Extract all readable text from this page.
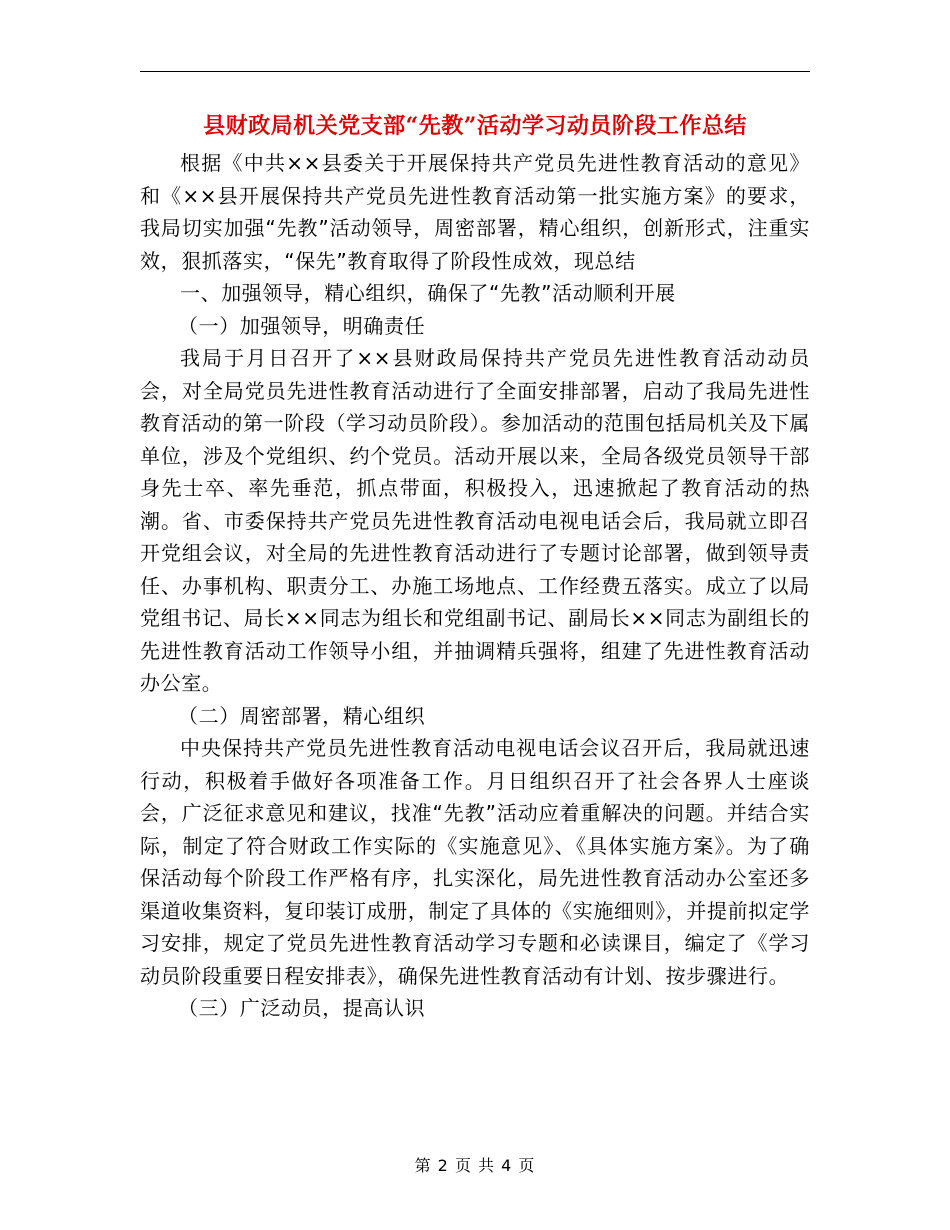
县财政局机关党支部“先教”活动学习动员阶段工作总结

根据《中共××县委关于开展保持共产党员先进性教育活动的意见》和《××县开展保持共产党员先进性教育活动第一批实施方案》的要求，我局切实加强“先教”活动领导，周密部署，精心组织，创新形式，注重实效，狠抓落实，“保先”教育取得了阶段性成效，现总结

一、加强领导，精心组织，确保了“先教”活动顺利开展

（一）加强领导，明确责任

我局于月日召开了××县财政局保持共产党员先进性教育活动动员会，对全局党员先进性教育活动进行了全面安排部署，启动了我局先进性教育活动的第一阶段（学习动员阶段）。参加活动的范围包括局机关及下属单位，涉及个党组织、约个党员。活动开展以来，全局各级党员领导干部身先士卒、率先垂范，抓点带面，积极投入，迅速掀起了教育活动的热潮。省、市委保持共产党员先进性教育活动电视电话会后，我局就立即召开党组会议，对全局的先进性教育活动进行了专题讨论部署，做到领导责任、办事机构、职责分工、办施工场地点、工作经费五落实。成立了以局党组书记、局长××同志为组长和党组副书记、副局长××同志为副组长的先进性教育活动工作领导小组，并抽调精兵强将，组建了先进性教育活动办公室。

（二）周密部署，精心组织

中央保持共产党员先进性教育活动电视电话会议召开后，我局就迅速行动，积极着手做好各项准备工作。月日组织召开了社会各界人士座谈会，广泛征求意见和建议，找准“先教”活动应着重解决的问题。并结合实际，制定了符合财政工作实际的《实施意见》、《具体实施方案》。为了确保活动每个阶段工作严格有序，扎实深化，局先进性教育活动办公室还多渠道收集资料，复印装订成册，制定了具体的《实施细则》，并提前拟定学习安排，规定了党员先进性教育活动学习专题和必读课目，编定了《学习动员阶段重要日程安排表》，确保先进性教育活动有计划、按步骤进行。

（三）广泛动员，提高认识

第 2 页 共 4 页
